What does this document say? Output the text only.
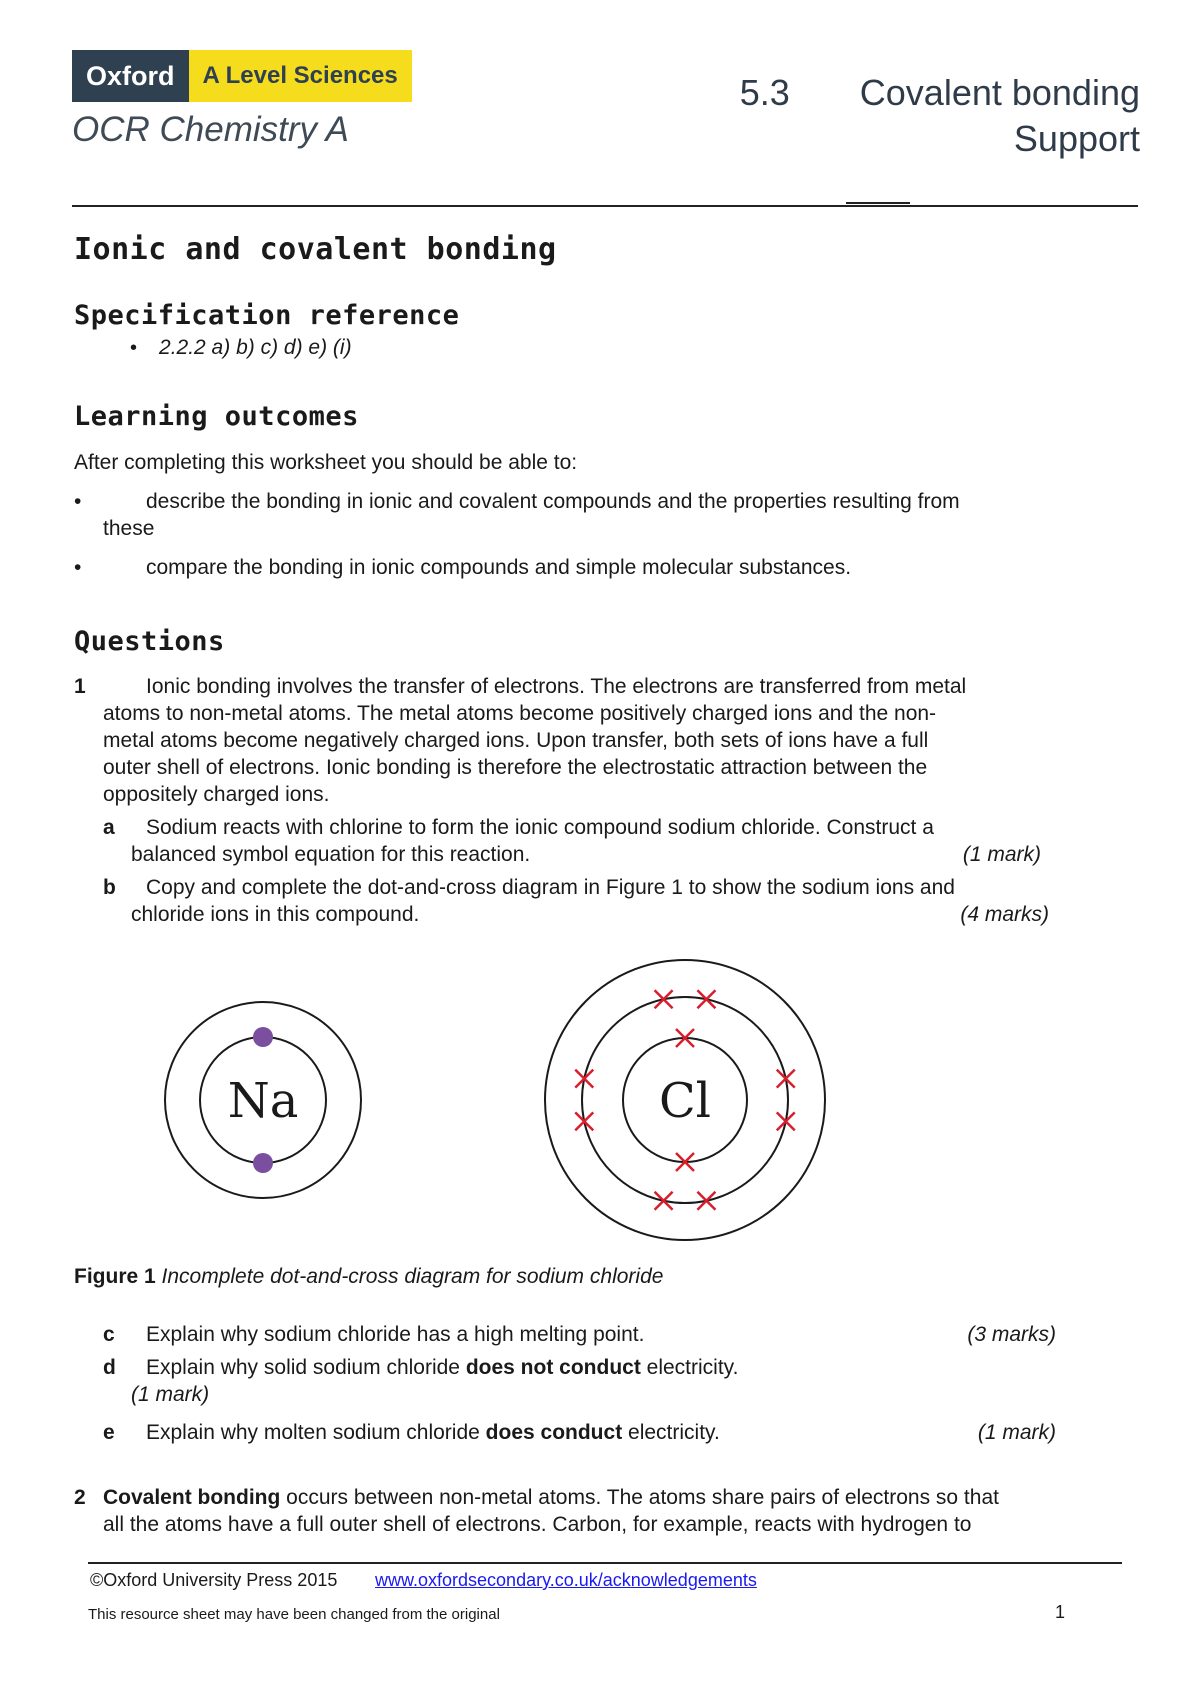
Oxford	A Level Sciences
OCR Chemistry A
5.3 Covalent bonding
Support
Ionic and covalent bonding
Specification reference
• 2.2.2 a) b) c) d) e) (i)
Learning outcomes
After completing this worksheet you should be able to:
•	describe the bonding in ionic and covalent compounds and the properties resulting from
these
•	compare the bonding in ionic compounds and simple molecular substances.
Questions
1	Ionic bonding involves the transfer of electrons. The electrons are transferred from metal
atoms to non-metal atoms. The metal atoms become positively charged ions and the non-
metal atoms become negatively charged ions. Upon transfer, both sets of ions have a full
outer shell of electrons. Ionic bonding is therefore the electrostatic attraction between the
oppositely charged ions.
a Sodium reacts with chlorine to form the ionic compound sodium chloride. Construct a
balanced symbol equation for this reaction.	(1 mark)
b Copy and complete the dot-and-cross diagram in Figure 1 to show the sodium ions and
chloride ions in this compound.	(4 marks)
Na	Cl
Figure 1 Incomplete dot-and-cross diagram for sodium chloride
c Explain why sodium chloride has a high melting point.	(3 marks)
d Explain why solid sodium chloride does not conduct electricity.
(1 mark)
e Explain why molten sodium chloride does conduct electricity.	(1 mark)
2 Covalent bonding occurs between non-metal atoms. The atoms share pairs of electrons so that
all the atoms have a full outer shell of electrons. Carbon, for example, reacts with hydrogen to
©Oxford University Press 2015 www.oxfordsecondary.co.uk/acknowledgements
This resource sheet may have been changed from the original	1
